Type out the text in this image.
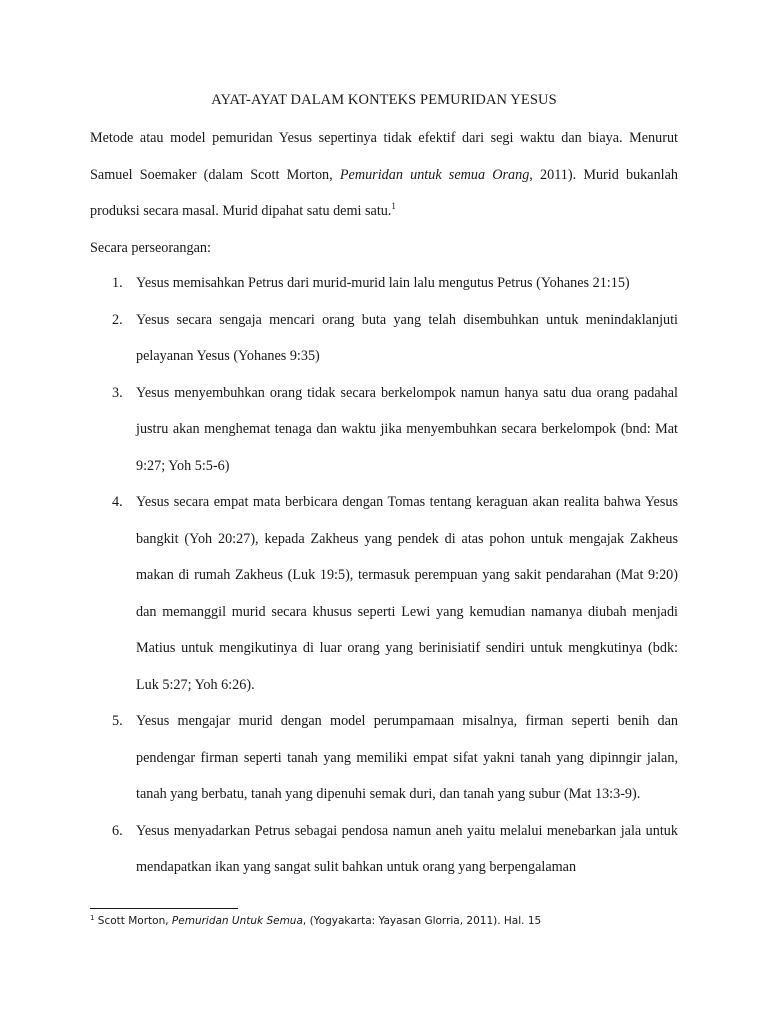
AYAT-AYAT DALAM KONTEKS PEMURIDAN YESUS
Metode atau model pemuridan Yesus sepertinya tidak efektif dari segi waktu dan biaya. Menurut Samuel Soemaker (dalam Scott Morton, Pemuridan untuk semua Orang, 2011). Murid bukanlah produksi secara masal. Murid dipahat satu demi satu.$^1$
Secara perseorangan:
1. Yesus memisahkan Petrus dari murid-murid lain lalu mengutus Petrus (Yohanes 21:15)
2. Yesus secara sengaja mencari orang buta yang telah disembuhkan untuk menindaklanjuti pelayanan Yesus (Yohanes 9:35)
3. Yesus menyembuhkan orang tidak secara berkelompok namun hanya satu dua orang padahal justru akan menghemat tenaga dan waktu jika menyembuhkan secara berkelompok (bnd: Mat 9:27; Yoh 5:5-6)
4. Yesus secara empat mata berbicara dengan Tomas tentang keraguan akan realita bahwa Yesus bangkit (Yoh 20:27), kepada Zakheus yang pendek di atas pohon untuk mengajak Zakheus makan di rumah Zakheus (Luk 19:5), termasuk perempuan yang sakit pendarahan (Mat 9:20) dan memanggil murid secara khusus seperti Lewi yang kemudian namanya diubah menjadi Matius untuk mengikutinya di luar orang yang berinisiatif sendiri untuk mengkutinya (bdk: Luk 5:27; Yoh 6:26).
5. Yesus mengajar murid dengan model perumpamaan misalnya, firman seperti benih dan pendengar firman seperti tanah yang memiliki empat sifat yakni tanah yang dipinngir jalan, tanah yang berbatu, tanah yang dipenuhi semak duri, dan tanah yang subur (Mat 13:3-9).
6. Yesus menyadarkan Petrus sebagai pendosa namun aneh yaitu melalui menebarkan jala untuk mendapatkan ikan yang sangat sulit bahkan untuk orang yang berpengalaman
$^1$ Scott Morton, Pemuridan Untuk Semua, (Yogyakarta: Yayasan Glorria, 2011). Hal. 15
